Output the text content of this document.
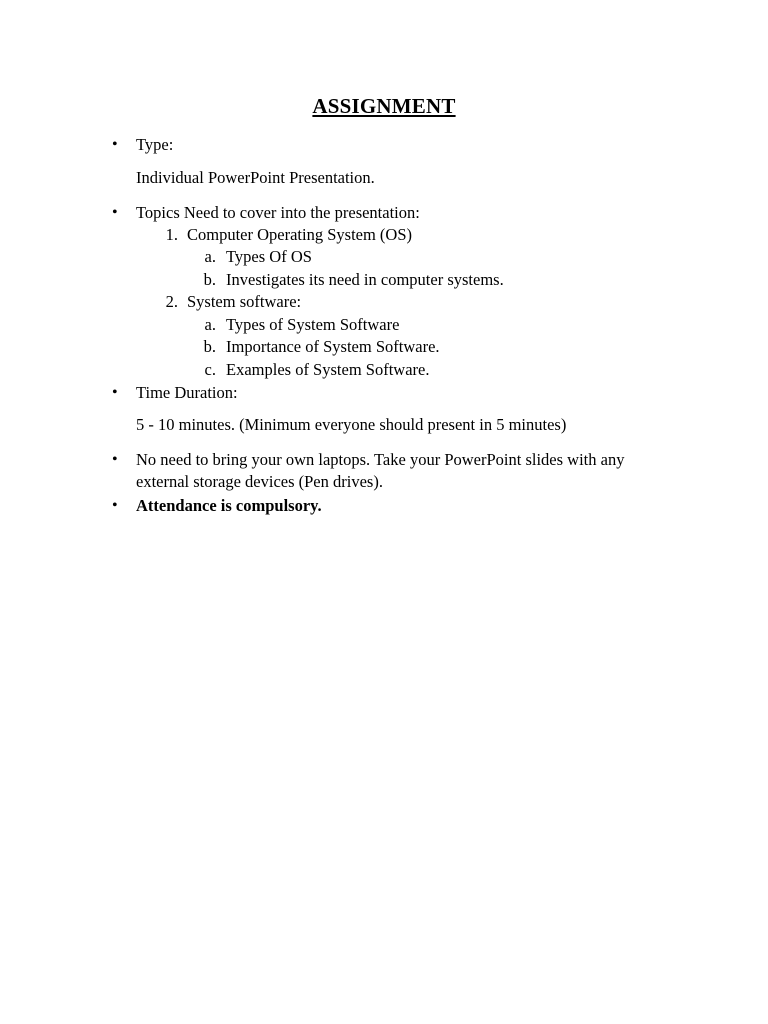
ASSIGNMENT
• Type:
Individual PowerPoint Presentation.
• Topics Need to cover into the presentation:
1. Computer Operating System (OS)
a. Types Of OS
b. Investigates its need in computer systems.
2. System software:
a. Types of System Software
b. Importance of System Software.
c. Examples of System Software.
• Time Duration:
5 - 10 minutes. (Minimum everyone should present in 5 minutes)
• No need to bring your own laptops. Take your PowerPoint slides with any
external storage devices (Pen drives).
• Attendance is compulsory.
